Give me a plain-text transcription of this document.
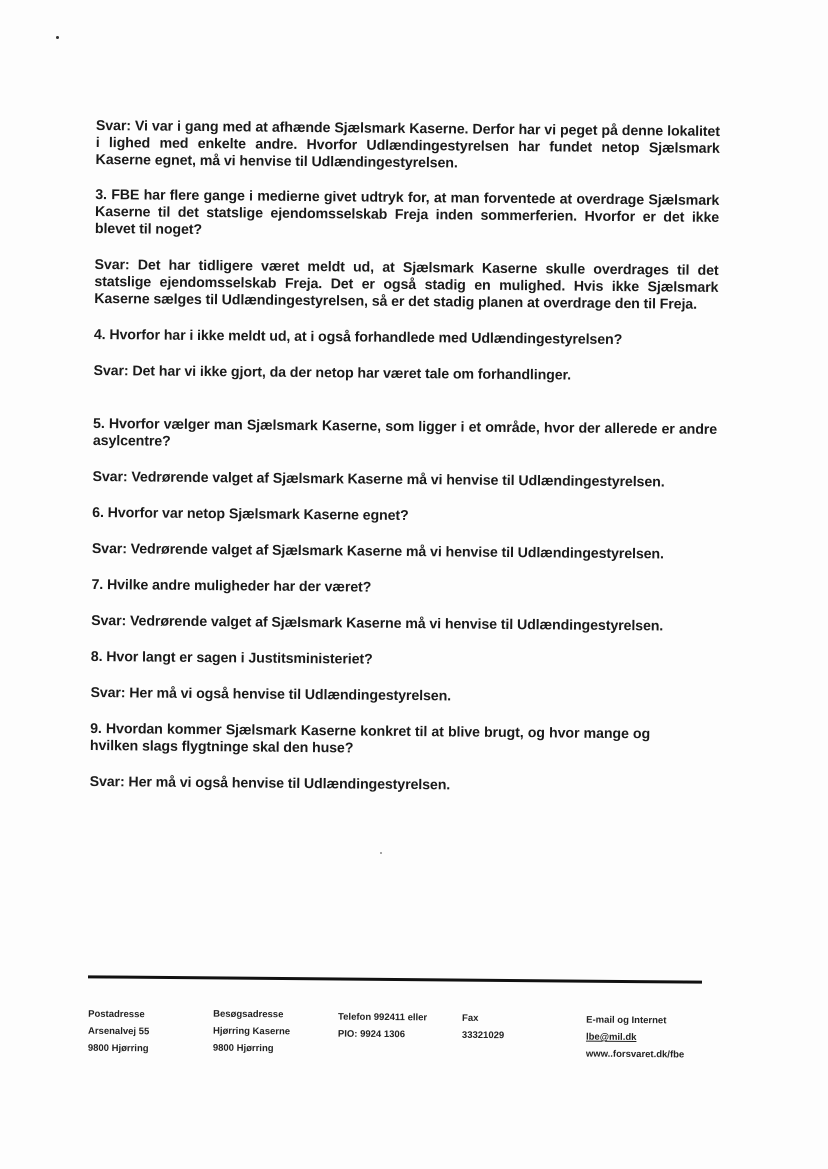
Svar: Vi var i gang med at afhænde Sjælsmark Kaserne. Derfor har vi peget på denne lokalitet i lighed med enkelte andre. Hvorfor Udlændingestyrelsen har fundet netop Sjælsmark Kaserne egnet, må vi henvise til Udlændingestyrelsen.

3. FBE har flere gange i medierne givet udtryk for, at man forventede at overdrage Sjælsmark Kaserne til det statslige ejendomsselskab Freja inden sommerferien. Hvorfor er det ikke blevet til noget?

Svar: Det har tidligere været meldt ud, at Sjælsmark Kaserne skulle overdrages til det statslige ejendomsselskab Freja. Det er også stadig en mulighed. Hvis ikke Sjælsmark Kaserne sælges til Udlændingestyrelsen, så er det stadig planen at overdrage den til Freja.

4. Hvorfor har i ikke meldt ud, at i også forhandlede med Udlændingestyrelsen?

Svar: Det har vi ikke gjort, da der netop har været tale om forhandlinger.

5. Hvorfor vælger man Sjælsmark Kaserne, som ligger i et område, hvor der allerede er andre asylcentre?

Svar: Vedrørende valget af Sjælsmark Kaserne må vi henvise til Udlændingestyrelsen.

6. Hvorfor var netop Sjælsmark Kaserne egnet?

Svar: Vedrørende valget af Sjælsmark Kaserne må vi henvise til Udlændingestyrelsen.

7. Hvilke andre muligheder har der været?

Svar: Vedrørende valget af Sjælsmark Kaserne må vi henvise til Udlændingestyrelsen.

8. Hvor langt er sagen i Justitsministeriet?

Svar: Her må vi også henvise til Udlændingestyrelsen.

9. Hvordan kommer Sjælsmark Kaserne konkret til at blive brugt, og hvor mange og hvilken slags flygtninge skal den huse?

Svar: Her må vi også henvise til Udlændingestyrelsen.

Postadresse
Arsenalvej 55
9800 Hjørring
Besøgsadresse
Hjørring Kaserne
9800 Hjørring
Telefon 992411 eller
PIO: 9924 1306
Fax
33321029
E-mail og Internet
lbe@mil.dk
www..forsvaret.dk/fbe
